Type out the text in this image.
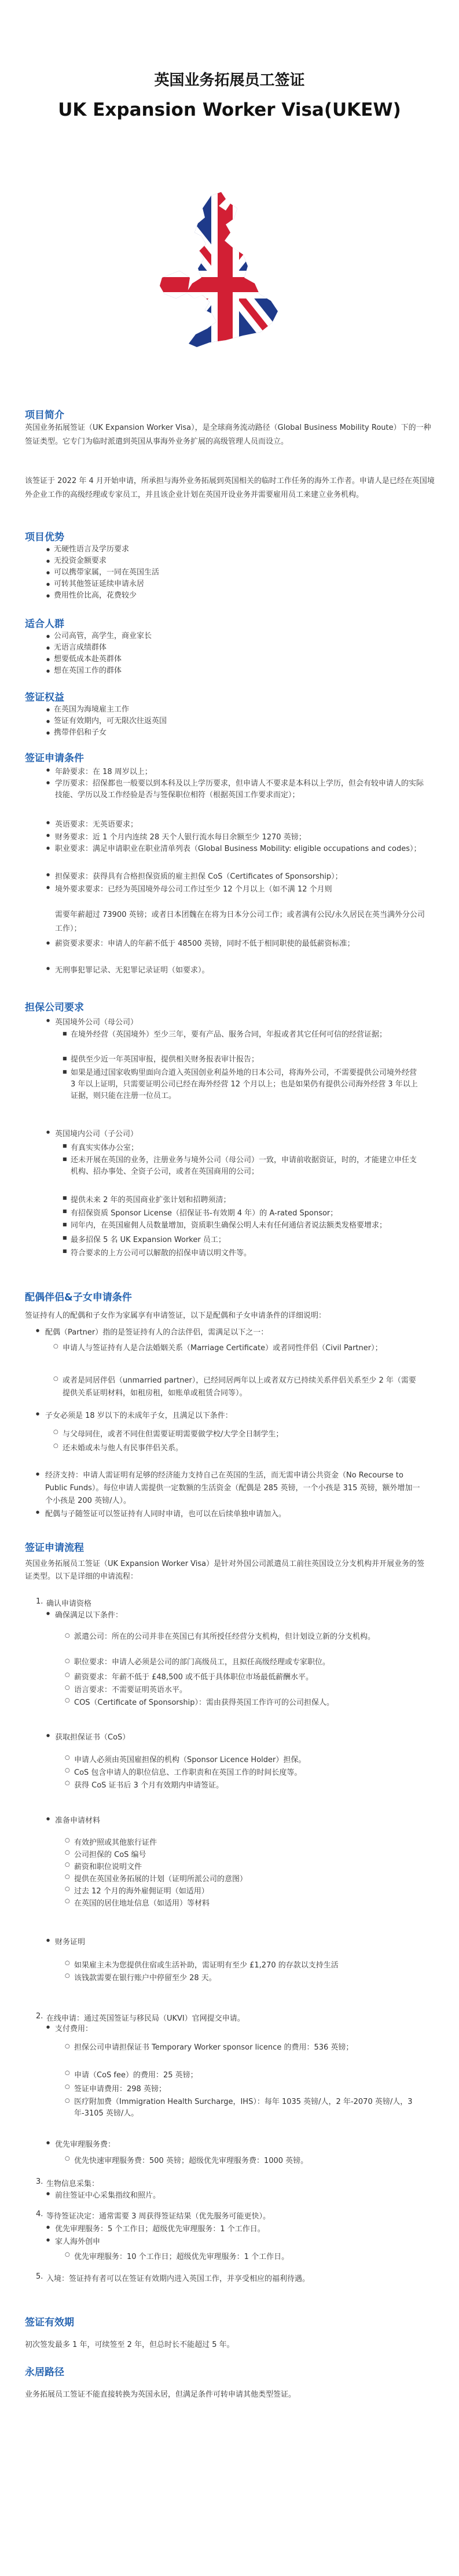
英国业务拓展员工签证
UK Expansion Worker Visa(UKEW)
项目简介
英国业务拓展签证（UK Expansion Worker Visa），是全球商务流动路径（Global Business Mobility Route）下的一种签证类型。它专门为临时派遣到英国从事海外业务扩展的高级管理人员而设立。
该签证于 2022 年 4 月开始申请，所承担与海外业务拓展到英国相关的临时工作任务的海外工作者。申请人是已经在英国境外企业工作的高级经理或专家员工，并且该企业计划在英国开设业务并需要雇用员工来建立业务机构。
项目优势
● 无硬性语言及学历要求
● 无投资金额要求
● 可以携带家属，一同在英国生活
● 可转其他签证延续申请永居
● 费用性价比高，花费较少
适合人群
● 公司高管，高学生，商业家长
● 无语言成绩群体
● 想要低成本赴英群体
● 想在英国工作的群体
签证权益
● 在英国为海境雇主工作
● 签证有效期内，可无限次往返英国
● 携带伴侣和子女
签证申请条件
● 年龄要求：在 18 周岁以上；
● 学历要求：招保都也一般要以到本科及以上学历要求，但申请人不要求是本科以上学历，但会有较申请人的实际技能、学历以及工作经验是否与签保职位相符（根据英国工作要求而定）；
● 英语要求：无英语要求；
● 财务要求：近 1 个月内连续 28 天个人银行流水每日余额至少 1270 英镑；
● 职业要求：满足申请职业在职业清单列表（Global Business Mobility: eligible occupations and codes）；
● 担保要求：获得具有合格担保资质的雇主担保 CoS（Certificates of Sponsorship）；
● 境外要求要求：已经为英国境外母公司工作过至少 12 个月以上（如不满 12 个月则
需要年薪超过 73900 英镑；或者日本团魏在在将为日本分公司工作；或者满有公民/永久居民在英当满外分公司工作）；
● 薪资要求要求：申请人的年薪不低于 48500 英镑，同时不低于相同职使的最低薪资标准；
● 无刑事犯罪记录、无犯罪记录证明（如要求）。
担保公司要求
● 英国境外公司（母公司）
■ 在境外经营（英国境外）至少三年，要有产品、服务合同，年报或者其它任何可信的经营证据；
■ 提供至少近一年英国审报，提供相关财务报表审计报告；
■ 如果是通过国家收购里面向合道入英国创业利益外地的日本公司，将海外公司，不需要提供公司境外经营 3 年以上证明，只需要证明公司已经在海外经营 12 个月以上；也是如果仍有提供公司海外经营 3 年以上证据，则只能在注册一位员工。
● 英国境内公司（子公司）
■ 有真实实体办公室；
■ 还未开展在英国的业务，注册业务与境外公司（母公司）一致，申请前收据资证，时的，才能建立申任支机构、招办事处、全资子公司，或者在英国商用的公司；
■ 提供未来 2 年的英国商业扩张计划和招聘须清；
■ 有招保资质 Sponsor License（招保证书-有效期 4 年）的 A-rated Sponsor；
■ 同年内，在英国雇佣人员数量增加，资质职生确保公明人未有任何通信者说法额类发格要增求；
■ 最多招保 5 名 UK Expansion Worker 员工；
■ 符合要求的上方公司可以解散的招保申请以明文件等。
配偶伴侣&子女申请条件
签证持有人的配偶和子女作为家属享有申请签证，以下是配偶和子女申请条件的详细说明：
● 配偶（Partner）指的是签证持有人的合法伴侣，需满足以下之一：
○ 申请人与签证持有人是合法婚姻关系（Marriage Certificate）或者同性伴侣（Civil Partner）；
○ 或者是同居伴侣（unmarried partner），已经同居两年以上或者双方已持续关系伴侣关系至少 2 年（需要提供关系证明材料，如租房租，如账单或租赁合同等）。
● 子女必须是 18 岁以下的未成年子女，且满足以下条件：
○ 与父母同住，或者不同住但需要证明需要做学校/大学全日制学生；
○ 还未婚或未与他人有民事伴侣关系。
● 经济支持：申请人需证明有足够的经济能力支持自己在英国的生活，而无需申请公共资金（No Recourse to Public Funds）。每位申请人需提供一定数额的生活资金（配偶是 285 英镑，一个小孩是 315 英镑，额外增加一个小孩是 200 英镑/人）。
● 配偶与子随签证可以签证持有人同时申请，也可以在后续单独申请加入。
签证申请流程
英国业务拓展员工签证（UK Expansion Worker Visa）是针对外国公司派遣员工前往英国设立分支机构并开展业务的签证类型。以下是详细的申请流程：
1. 确认申请资格
● 确保满足以下条件：
○ 派遣公司：所在的公司并非在英国已有其所授任经营分支机构，但计划设立新的分支机构。
○ 职位要求：申请人必须是公司的部门高级员工，且拟任高级经理或专家职位。
○ 薪资要求：年薪不低于 £48,500 或不低于具体职位市场最低薪酬水平。
○ 语言要求：不需要证明英语水平。
○ COS（Certificate of Sponsorship）：需由获得英国工作许可的公司担保人。
● 获取担保证书（CoS）
○ 申请人必须由英国雇担保的机构（Sponsor Licence Holder）担保。
○ CoS 包含申请人的职位信息、工作职责和在英国工作的时间长度等。
○ 获得 CoS 证书后 3 个月有效期内申请签证。
● 准备申请材料
○ 有效护照或其他旅行证件
○ 公司担保的 CoS 编号
○ 薪资和职位说明文件
○ 提供在英国业务拓展的计划（证明所派公司的意图）
○ 过去 12 个月的海外雇佣证明（如适用）
○ 在英国的居住地址信息（如适用）等材料
● 财务证明
○ 如果雇主未为您提供住宿或生活补助，需证明有至少 £1,270 的存款以支持生活
○ 该钱款需要在银行账户中停留至少 28 天。
2. 在线申请：通过英国签证与移民局（UKVI）官网提交申请。
● 支付费用：
○ 担保公司申请担保证书 Temporary Worker sponsor licence 的费用：536 英镑；
○ 申请（CoS fee）的费用：25 英镑；
○ 签证申请费用：298 英镑；
○ 医疗附加费（Immigration Health Surcharge，IHS）：每年 1035 英镑/人，2 年-2070 英镑/人，3 年-3105 英镑/人。
● 优先审理服务费：
○ 优先快速审理服务费：500 英镑；超级优先审理服务费：1000 英镑。
3. 生物信息采集：
● 前往签证中心采集指纹和照片。
4. 等待签证决定：通常需要 3 周获得签证结果（优先服务可能更快）。
● 优先审理服务：5 个工作日；超级优先审理服务：1 个工作日。
● 家人海外创申
○ 优先审理服务：10 个工作日；超级优先审理服务：1 个工作日。
5. 入境：签证持有者可以在签证有效期内进入英国工作，并享受相应的福利待遇。
签证有效期
初次签发最多 1 年，可续签至 2 年，但总时长不能超过 5 年。
永居路径
业务拓展员工签证不能直接转换为英国永居，但满足条件可转申请其他类型签证。
